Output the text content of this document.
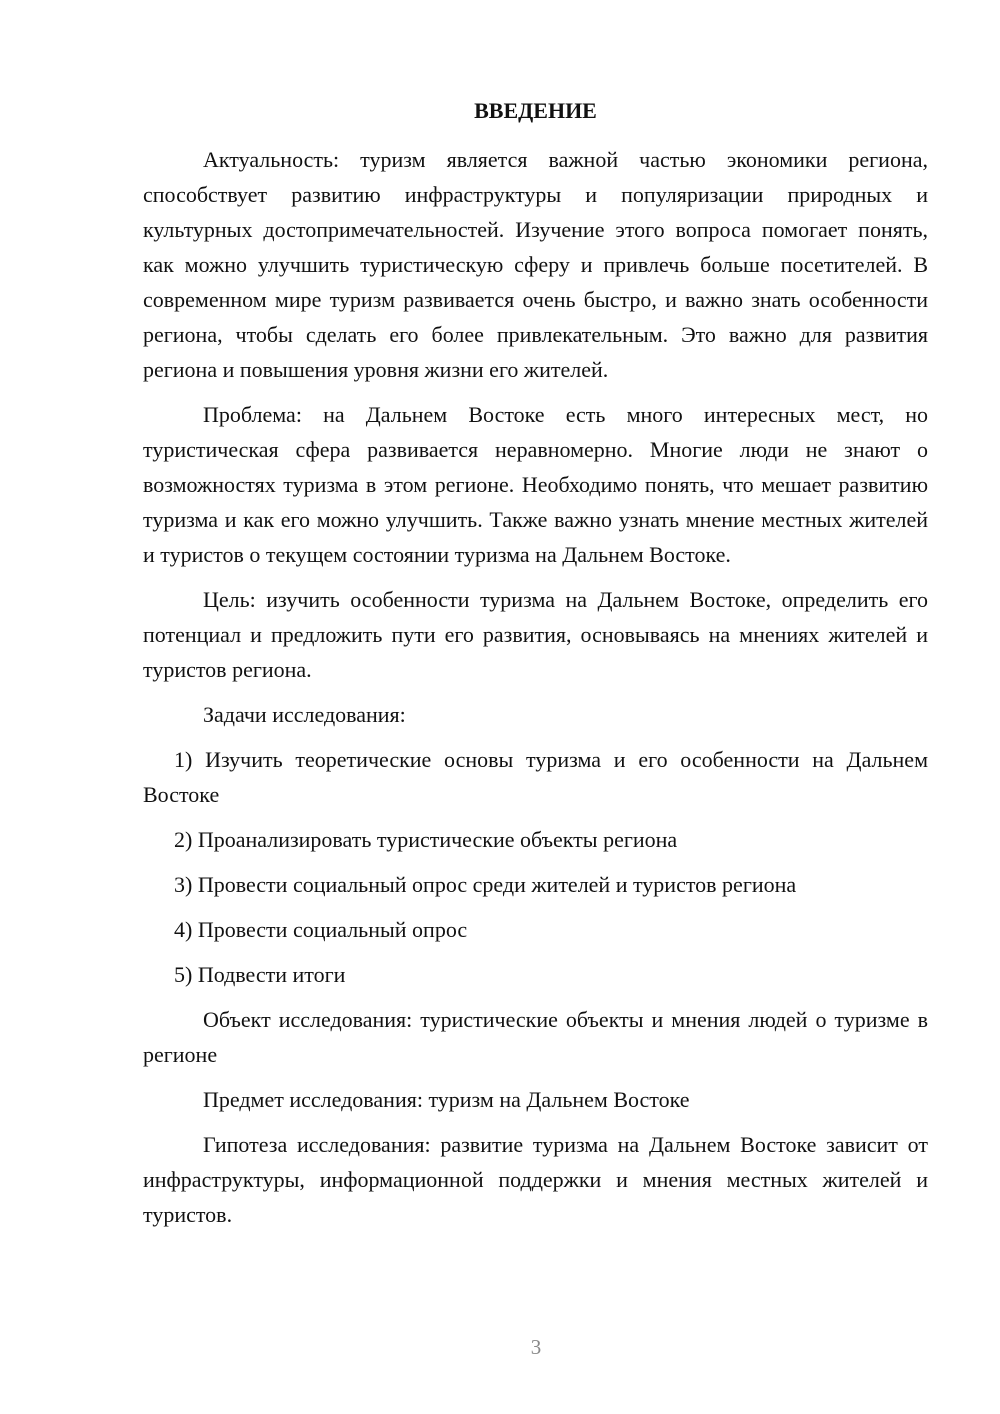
ВВЕДЕНИЕ

Актуальность: туризм является важной частью экономики региона, способствует развитию инфраструктуры и популяризации природных и культурных достопримечательностей. Изучение этого вопроса помогает понять, как можно улучшить туристическую сферу и привлечь больше посетителей. В современном мире туризм развивается очень быстро, и важно знать особенности региона, чтобы сделать его более привлекательным. Это важно для развития региона и повышения уровня жизни его жителей.

Проблема: на Дальнем Востоке есть много интересных мест, но туристическая сфера развивается неравномерно. Многие люди не знают о возможностях туризма в этом регионе. Необходимо понять, что мешает развитию туризма и как его можно улучшить. Также важно узнать мнение местных жителей и туристов о текущем состоянии туризма на Дальнем Востоке.

Цель: изучить особенности туризма на Дальнем Востоке, определить его потенциал и предложить пути его развития, основываясь на мнениях жителей и туристов региона.

Задачи исследования:

1) Изучить теоретические основы туризма и его особенности на Дальнем Востоке

2) Проанализировать туристические объекты региона

3) Провести социальный опрос среди жителей и туристов региона

4) Провести социальный опрос

5) Подвести итоги

Объект исследования: туристические объекты и мнения людей о туризме в регионе

Предмет исследования: туризм на Дальнем Востоке

Гипотеза исследования: развитие туризма на Дальнем Востоке зависит от инфраструктуры, информационной поддержки и мнения местных жителей и туристов.

3
